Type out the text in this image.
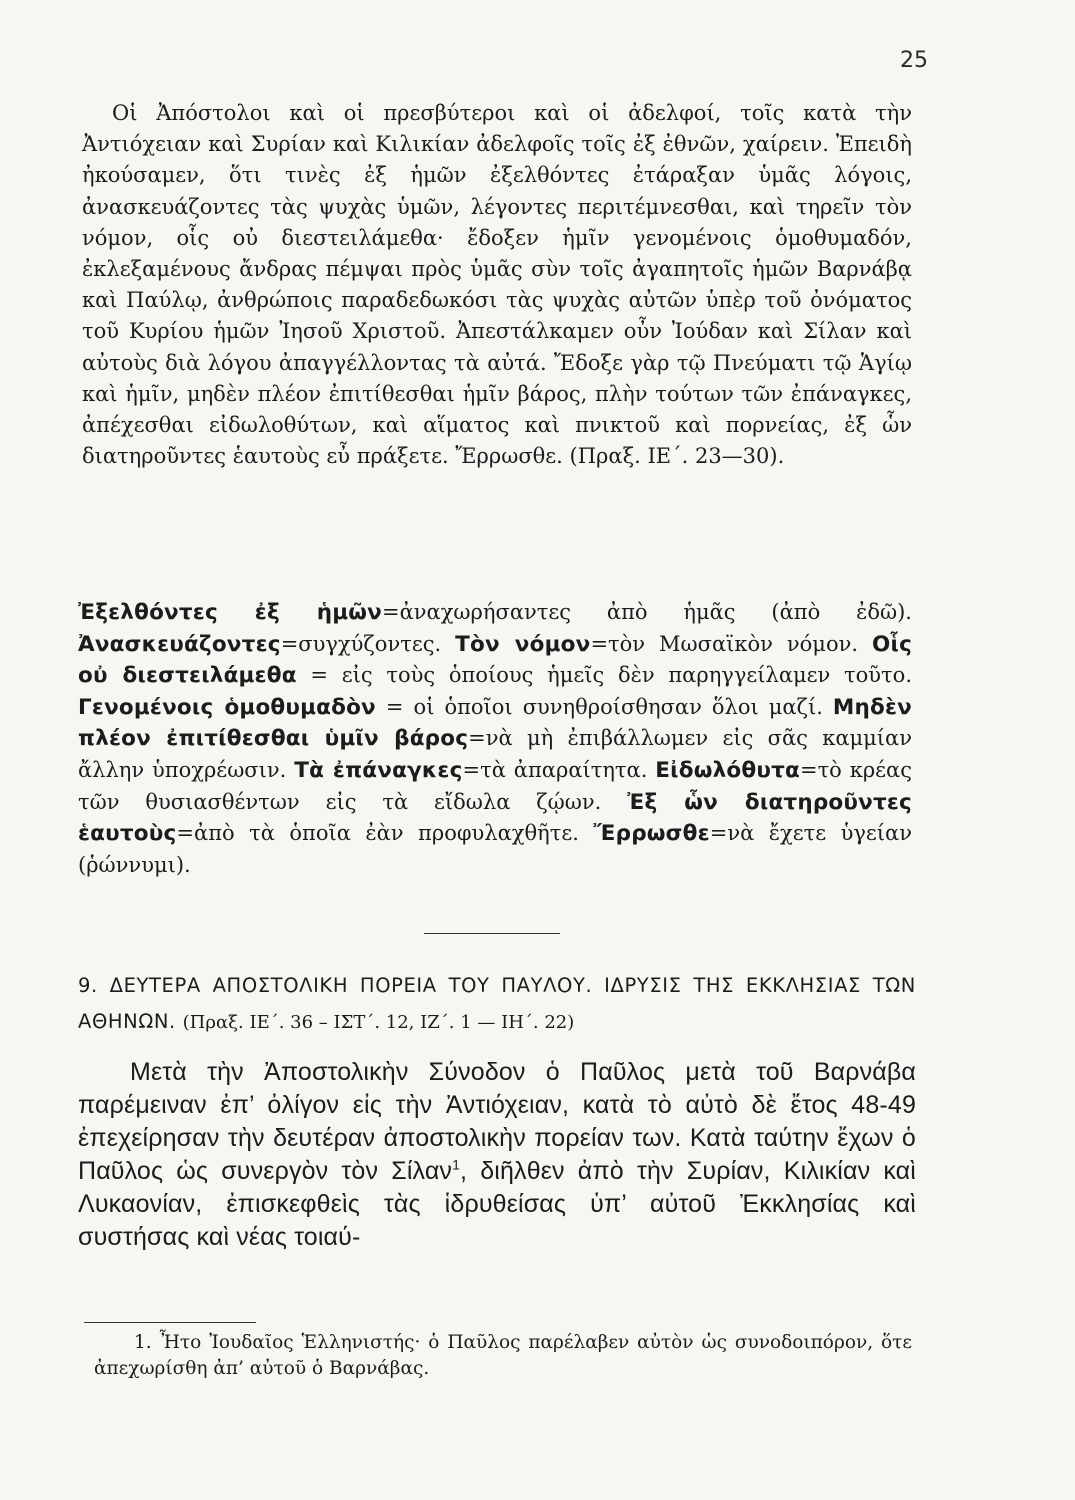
25

Οἱ Ἀπόστολοι καὶ οἱ πρεσβύτεροι καὶ οἱ ἀδελφοί, τοῖς κατὰ τὴν Ἀντιόχειαν καὶ Συρίαν καὶ Κιλικίαν ἀδελφοῖς τοῖς ἐξ ἐθνῶν, χαίρειν. Ἐπειδὴ ἠκούσαμεν, ὅτι τινὲς ἐξ ἡμῶν ἐξελθόντες ἐτάραξαν ὑμᾶς λόγοις, ἀνασκευάζοντες τὰς ψυχὰς ὑμῶν, λέγοντες περιτέμνεσθαι, καὶ τηρεῖν τὸν νόμον, οἷς οὐ διεστειλάμεθα· ἔδοξεν ἡμῖν γενομένοις ὁμοθυμαδόν, ἐκλεξαμένους ἄνδρας πέμψαι πρὸς ὑμᾶς σὺν τοῖς ἀγαπητοῖς ἡμῶν Βαρνάβᾳ καὶ Παύλῳ, ἀνθρώποις παραδεδωκόσι τὰς ψυχὰς αὐτῶν ὑπὲρ τοῦ ὀνόματος τοῦ Κυρίου ἡμῶν Ἰησοῦ Χριστοῦ. Ἀπεστάλκαμεν οὖν Ἰούδαν καὶ Σίλαν καὶ αὐτοὺς διὰ λόγου ἀπαγγέλλοντας τὰ αὐτά. Ἔδοξε γὰρ τῷ Πνεύματι τῷ Ἁγίῳ καὶ ἡμῖν, μηδὲν πλέον ἐπιτίθεσθαι ἡμῖν βάρος, πλὴν τούτων τῶν ἐπάναγκες, ἀπέχεσθαι εἰδωλοθύτων, καὶ αἵματος καὶ πνικτοῦ καὶ πορνείας, ἐξ ὧν διατηροῦντες ἑαυτοὺς εὖ πράξετε. Ἔρρωσθε. (Πραξ. ΙΕ΄. 23—30).

Ἐξελθόντες ἐξ ἡμῶν=ἀναχωρήσαντες ἀπὸ ἡμᾶς (ἀπὸ ἐδῶ). Ἀνασκευάζοντες=συγχύζοντες. Τὸν νόμον=τὸν Μωσαϊκὸν νόμον. Οἷς οὐ διεστειλάμεθα = εἰς τοὺς ὁποίους ἡμεῖς δὲν παρηγγείλαμεν τοῦτο. Γενομένοις ὁμοθυμαδὸν = οἱ ὁποῖοι συνηθροίσθησαν ὅλοι μαζί. Μηδὲν πλέον ἐπιτίθεσθαι ὑμῖν βάρος=νὰ μὴ ἐπιβάλλωμεν εἰς σᾶς καμμίαν ἄλλην ὑποχρέωσιν. Τὰ ἐπάναγκες=τὰ ἀπαραίτητα. Εἰδωλόθυτα=τὸ κρέας τῶν θυσιασθέντων εἰς τὰ εἴδωλα ζῴων. Ἐξ ὧν διατηροῦντες ἑαυτοὺς=ἀπὸ τὰ ὁποῖα ἐὰν προφυλαχθῆτε. Ἔρρωσθε=νὰ ἔχετε ὑγείαν (ῥώννυμι).

9. ΔΕΥΤΕΡΑ ΑΠΟΣΤΟΛΙΚΗ ΠΟΡΕΙΑ ΤΟΥ ΠΑΥΛΟΥ. ΙΔΡΥΣΙΣ ΤΗΣ ΕΚΚΛΗΣΙΑΣ ΤΩΝ ΑΘΗΝΩΝ. (Πραξ. ΙΕ΄. 36 – ΙΣΤ΄. 12, ΙΖ΄. 1 — ΙΗ΄. 22)

Μετὰ τὴν Ἀποστολικὴν Σύνοδον ὁ Παῦλος μετὰ τοῦ Βαρνάβα παρέμειναν ἐπ’ ὀλίγον εἰς τὴν Ἀντιόχειαν, κατὰ τὸ αὐτὸ δὲ ἔτος 48-49 ἐπεχείρησαν τὴν δευτέραν ἀποστολικὴν πορείαν των. Κατὰ ταύτην ἔχων ὁ Παῦλος ὡς συνεργὸν τὸν Σίλαν$^1$, διῆλθεν ἀπὸ τὴν Συρίαν, Κιλικίαν καὶ Λυκαονίαν, ἐπισκεφθεὶς τὰς ἱδρυθείσας ὑπ’ αὐτοῦ Ἐκκλησίας καὶ συστήσας καὶ νέας τοιαύ-

1. Ἦτο Ἰουδαῖος Ἑλληνιστής· ὁ Παῦλος παρέλαβεν αὐτὸν ὡς συνοδοιπόρον, ὅτε ἀπεχωρίσθη ἀπ’ αὐτοῦ ὁ Βαρνάβας.
